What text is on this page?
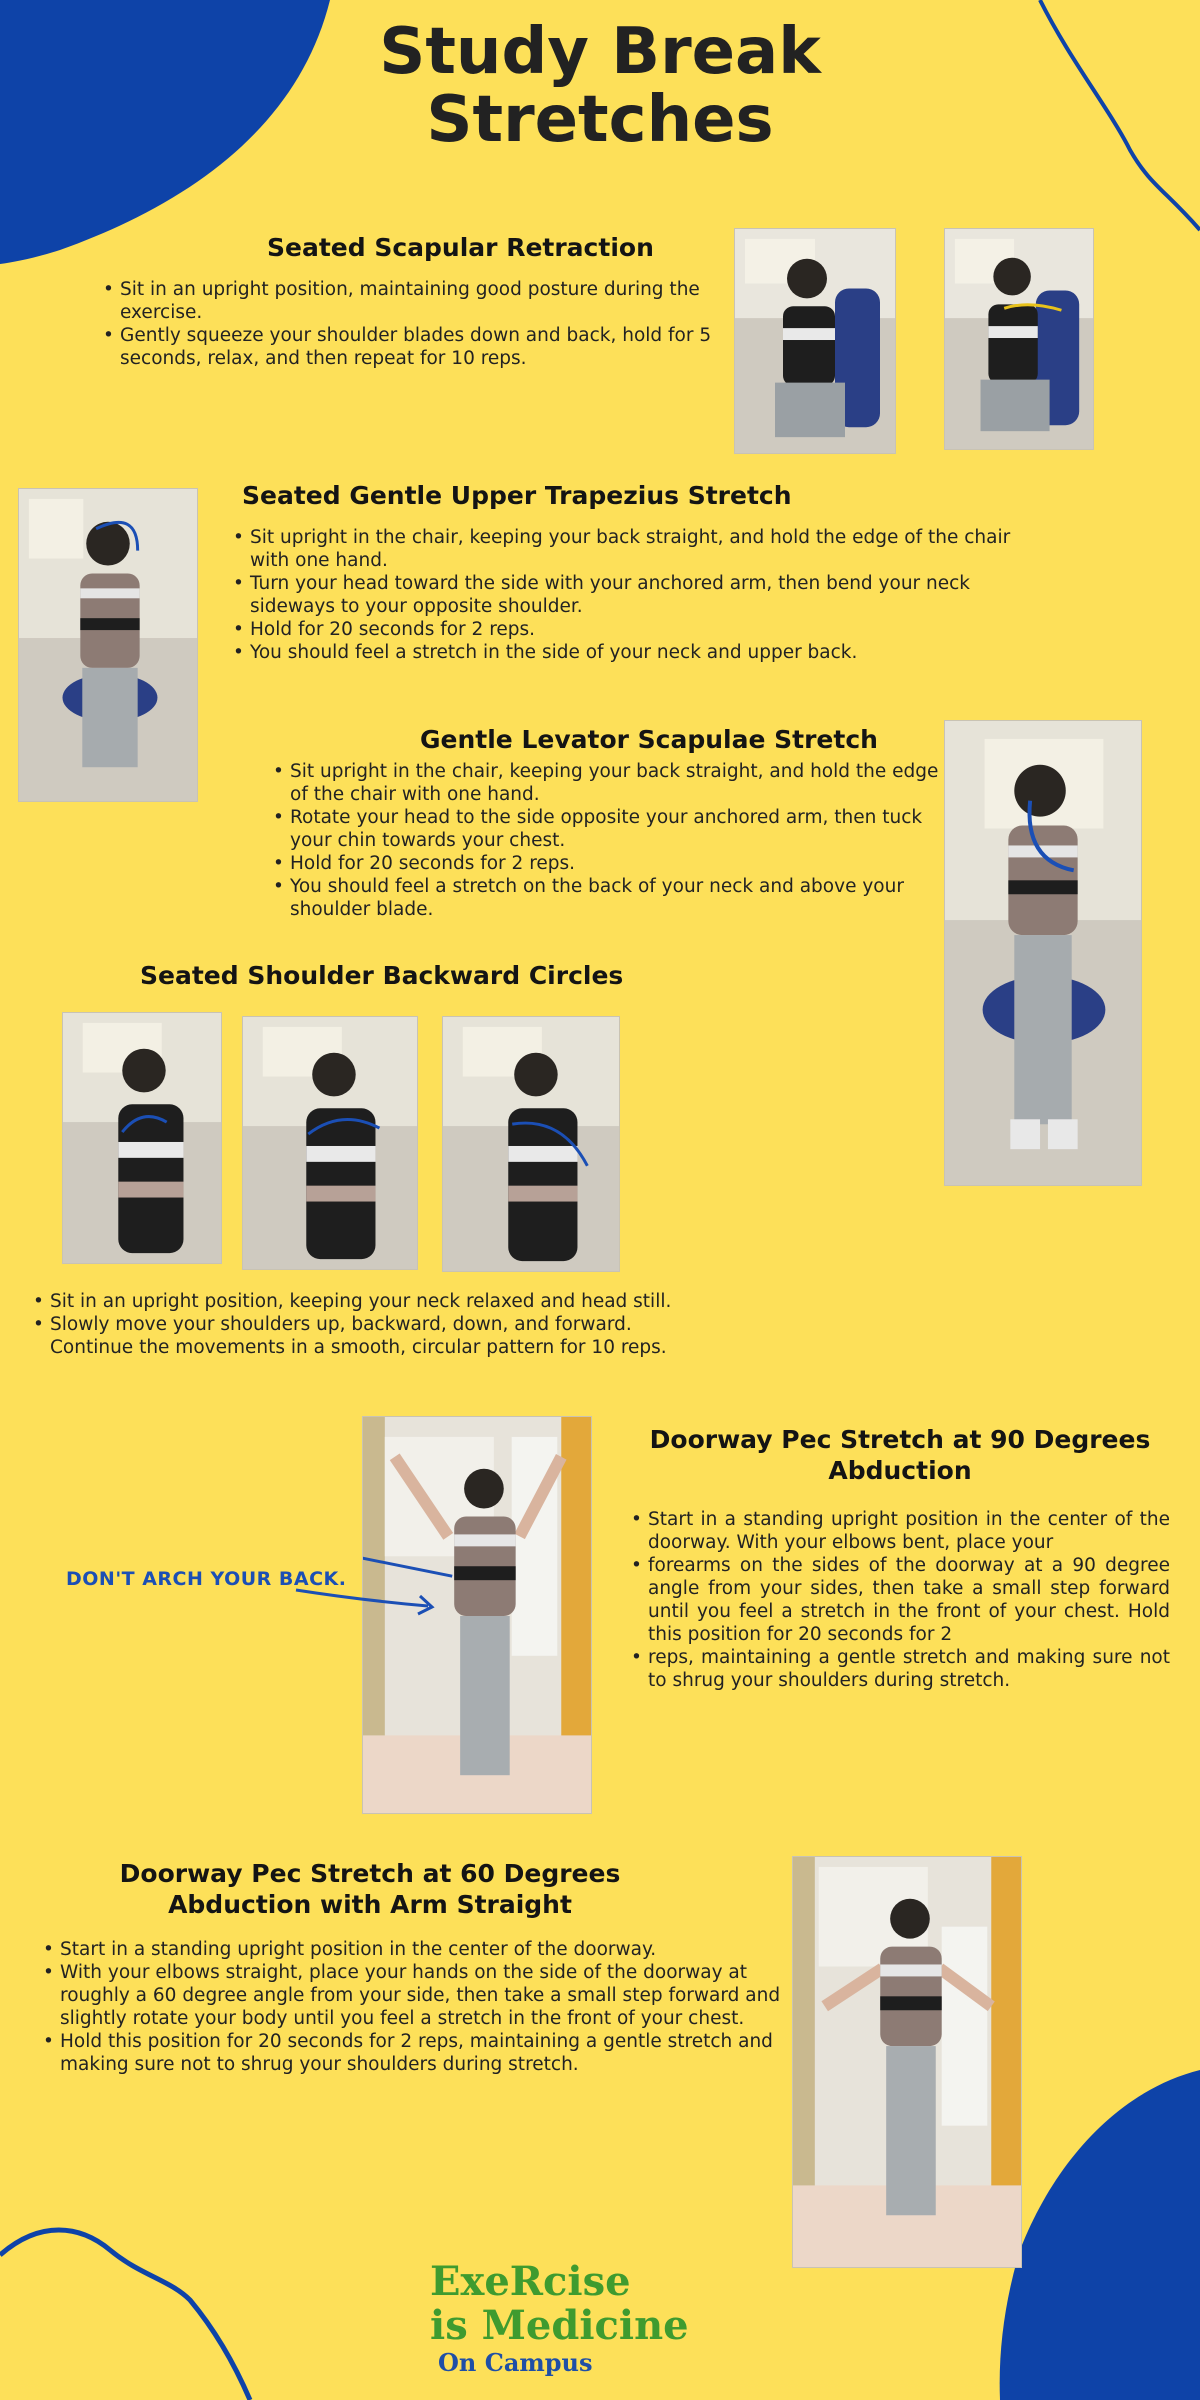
Study Break
Stretches
Seated Scapular Retraction
• Sit in an upright position, maintaining good posture during the exercise.
• Gently squeeze your shoulder blades down and back, hold for 5 seconds, relax, and then repeat for 10 reps.
Seated Gentle Upper Trapezius Stretch
• Sit upright in the chair, keeping your back straight, and hold the edge of the chair with one hand.
• Turn your head toward the side with your anchored arm, then bend your neck sideways to your opposite shoulder.
• Hold for 20 seconds for 2 reps.
• You should feel a stretch in the side of your neck and upper back.
Gentle Levator Scapulae Stretch
• Sit upright in the chair, keeping your back straight, and hold the edge of the chair with one hand.
• Rotate your head to the side opposite your anchored arm, then tuck your chin towards your chest.
• Hold for 20 seconds for 2 reps.
• You should feel a stretch on the back of your neck and above your shoulder blade.
Seated Shoulder Backward Circles
• Sit in an upright position, keeping your neck relaxed and head still.
• Slowly move your shoulders up, backward, down, and forward. Continue the movements in a smooth, circular pattern for 10 reps.
DON'T ARCH YOUR BACK.
Doorway Pec Stretch at 90 Degrees
Abduction
• Start in a standing upright position in the center of the doorway. With your elbows bent, place your
• forearms on the sides of the doorway at a 90 degree angle from your sides, then take a small step forward until you feel a stretch in the front of your chest. Hold this position for 20 seconds for 2
• reps, maintaining a gentle stretch and making sure not to shrug your shoulders during stretch.
Doorway Pec Stretch at 60 Degrees
Abduction with Arm Straight
• Start in a standing upright position in the center of the doorway.
• With your elbows straight, place your hands on the side of the doorway at roughly a 60 degree angle from your side, then take a small step forward and slightly rotate your body until you feel a stretch in the front of your chest.
• Hold this position for 20 seconds for 2 reps, maintaining a gentle stretch and making sure not to shrug your shoulders during stretch.
ExeRcise
is Medicine
On Campus
